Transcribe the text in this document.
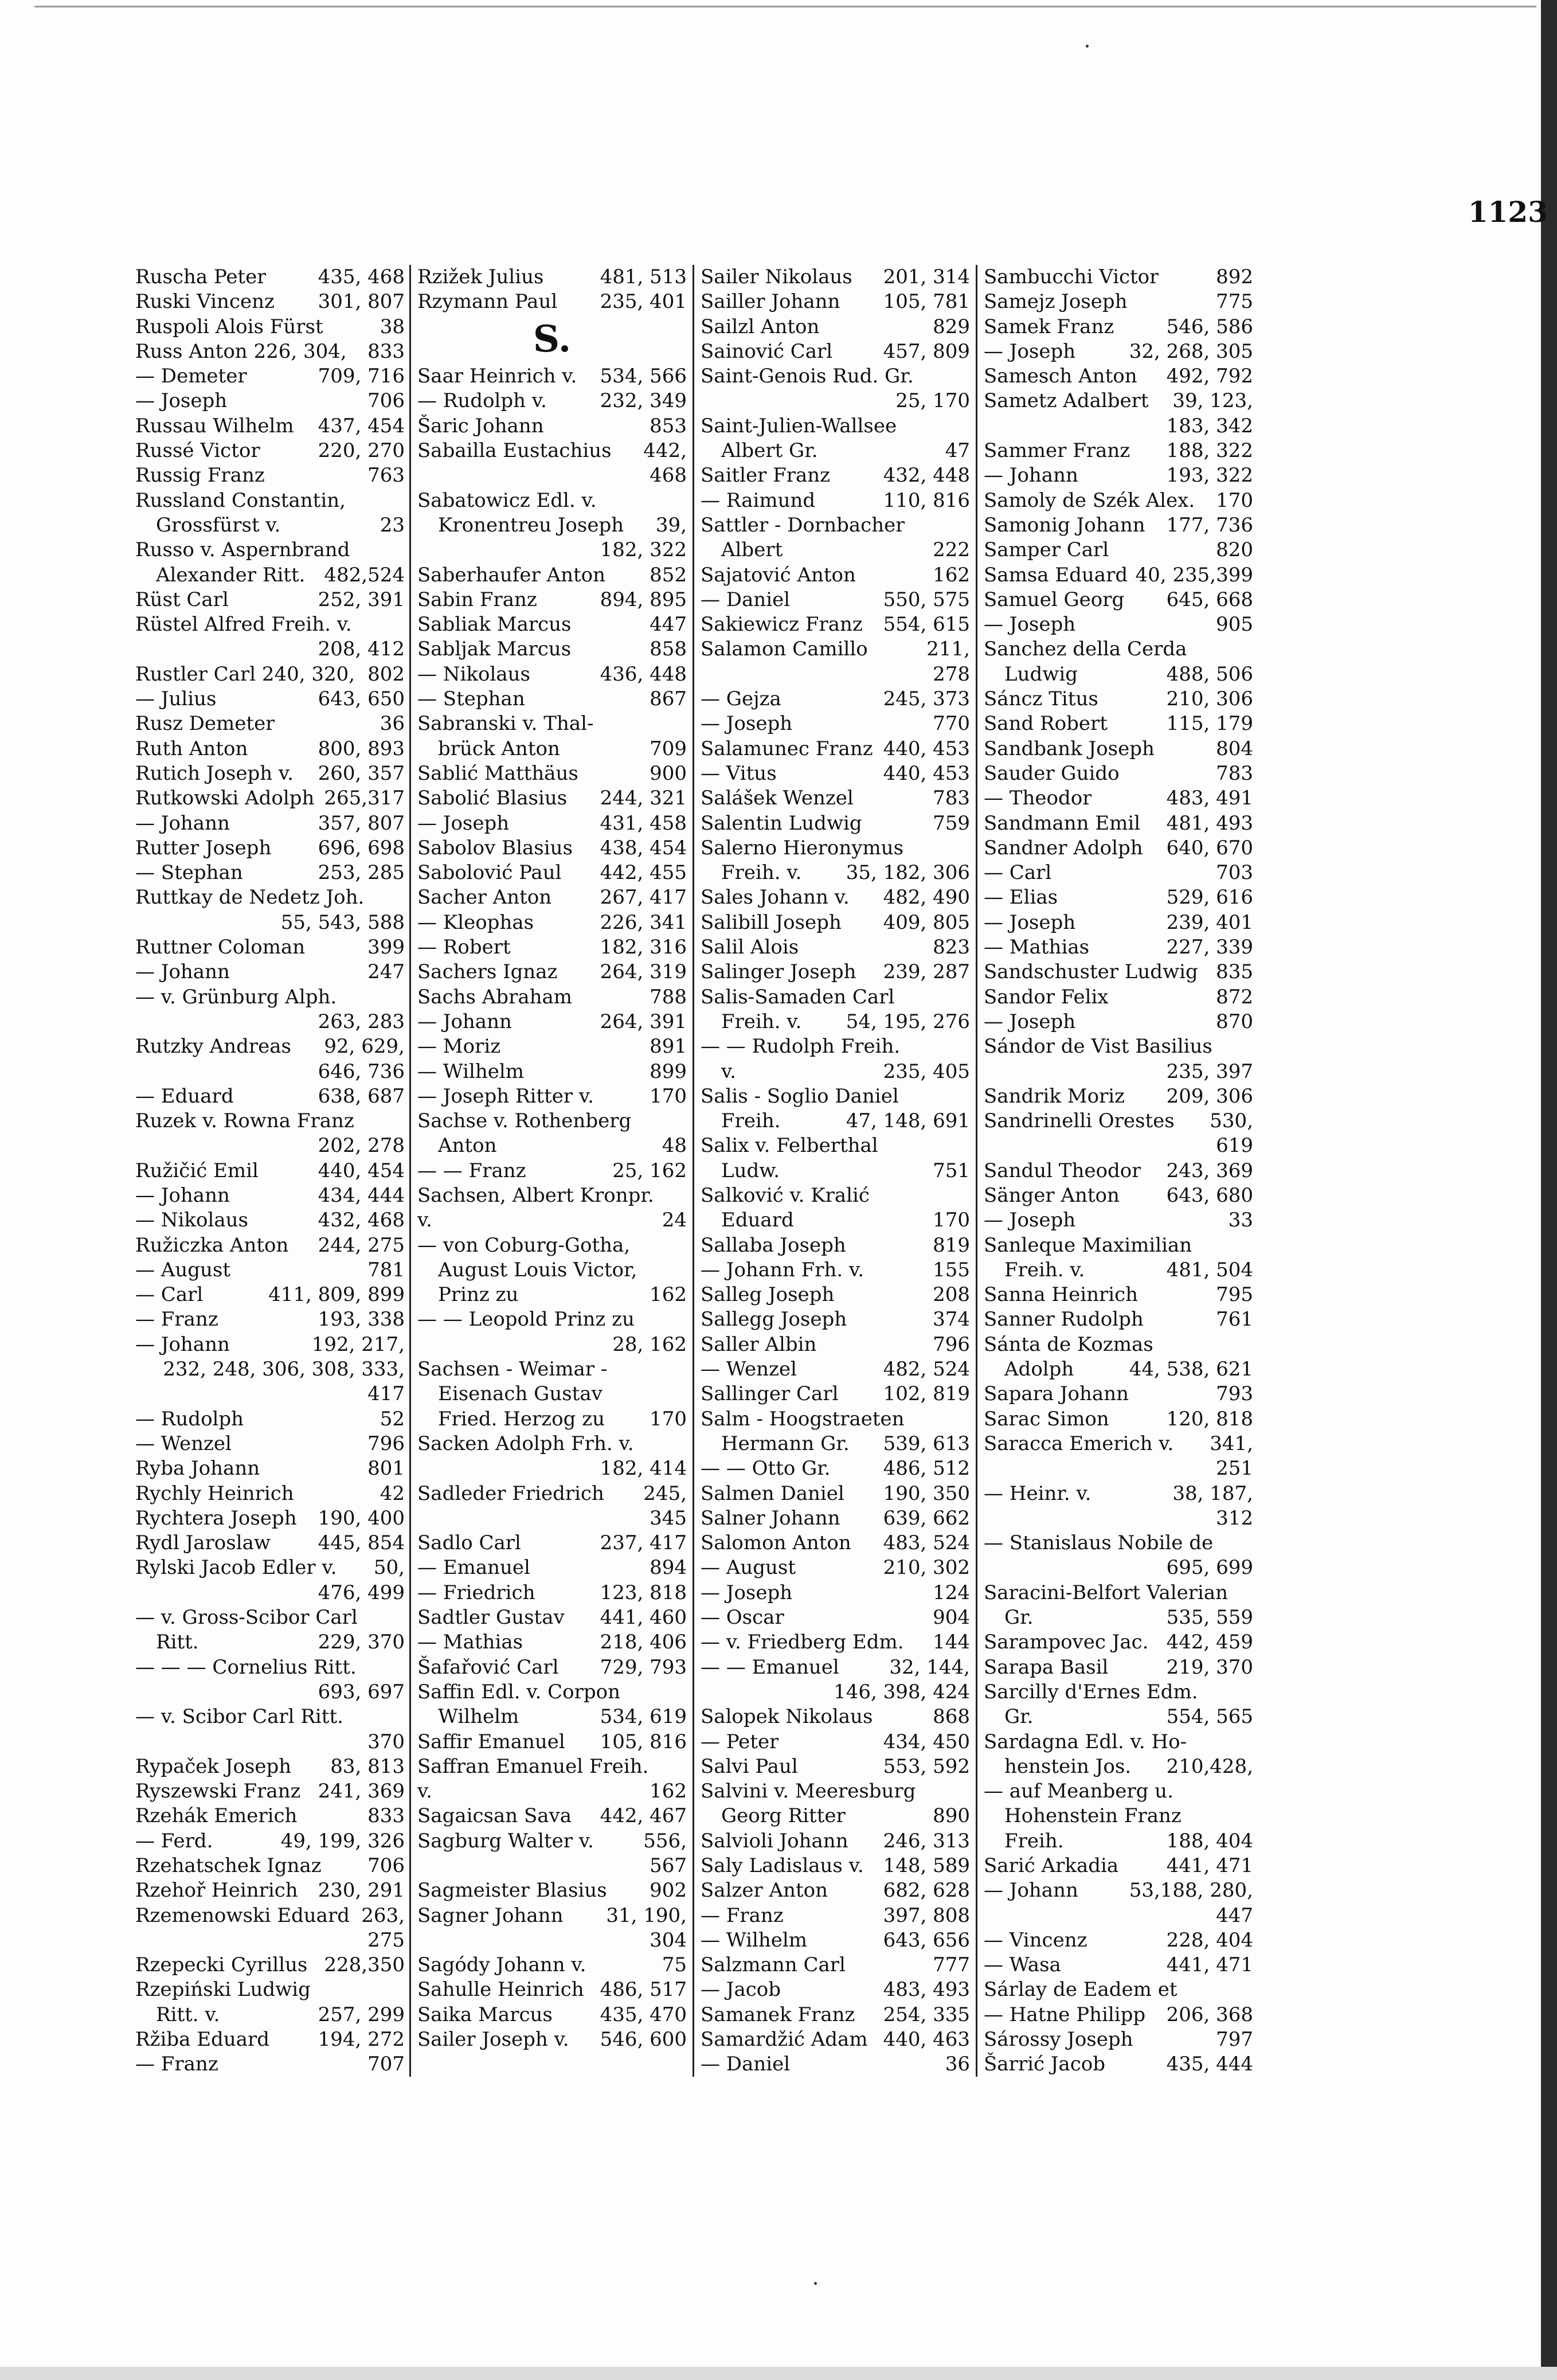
1123
Ruscha Peter	435, 468
Ruski Vincenz 301, 807
Ruspoli Alois Fürst	38
Russ Anton 226, 304, 833
— Demeter	709, 716
— Joseph	706
Russau Wilhelm 437, 454
Russé Victor	220, 270
Russig Franz	763
Russland Constantin,
Grossfürst v.	23
Russo v. Aspernbrand
Alexander Ritt. 482,524
Rüst Carl	252, 391
Rüstel Alfred Freih. v.
208, 412
Rustler Carl 240, 320, 802
— Julius	643, 650
Rusz Demeter	36
Ruth Anton	800, 893
Rutich Joseph v. 260, 357
Rutkowski Adolph 265,317
— Johann	357, 807
Rutter Joseph 696, 698
— Stephan	253, 285
Ruttkay de Nedetz Joh.
55, 543, 588
Ruttner Coloman	399
— Johann	247
— v. Grünburg Alph.
263, 283
Rutzky Andreas 92, 629,
646, 736
— Eduard	638, 687
Ruzek v. Rowna Franz
202, 278
Ružičić Emil	440, 454
— Johann	434, 444
— Nikolaus	432, 468
Ružiczka Anton 244, 275
— August	781
— Carl	411, 809, 899
— Franz	193, 338
— Johann	192, 217,
232, 248, 306, 308, 333,
417
— Rudolph	52
— Wenzel	796
Ryba Johann	801
Rychly Heinrich	42
Rychtera Joseph 190, 400
Rydl Jaroslaw 445, 854
Rylski Jacob Edler v. 50,
476, 499
— v. Gross-Scibor Carl
Ritt.	229, 370
— — — Cornelius Ritt.
693, 697
— v. Scibor Carl Ritt.
370
Rypaček Joseph 83, 813
Ryszewski Franz 241, 369
Rzehák Emerich	833
— Ferd.	49, 199, 326
Rzehatschek Ignaz 706
Rzehoř Heinrich 230, 291
Rzemenowski Eduard 263,
275
Rzepecki Cyrillus 228,350
Rzepiński Ludwig
Ritt. v.	257, 299
Ržiba Eduard 194, 272
— Franz	707
Rzižek Julius	481, 513
Rzymann Paul 235, 401
S.
Saar Heinrich v. 534, 566
— Rudolph v.	232, 349
Šaric Johann	853
Sabailla Eustachius 442,
468
Sabatowicz Edl. v.
Kronentreu Joseph 39,
182, 322
Saberhaufer Anton 852
Sabin Franz	894, 895
Sabliak Marcus	447
Sabljak Marcus	858
— Nikolaus	436, 448
— Stephan	867
Sabranski v. Thal-
brück Anton	709
Sablić Matthäus	900
Sabolić Blasius 244, 321
— Joseph	431, 458
Sabolov Blasius 438, 454
Sabolović Paul 442, 455
Sacher Anton 267, 417
— Kleophas	226, 341
— Robert	182, 316
Sachers Ignaz 264, 319
Sachs Abraham	788
— Johann	264, 391
— Moriz	891
— Wilhelm	899
— Joseph Ritter v.	170
Sachse v. Rothenberg
Anton	48
— — Franz	25, 162
Sachsen, Albert Kronpr.
v.	24
— von Coburg-Gotha,
August Louis Victor,
Prinz zu	162
— — Leopold Prinz zu
28, 162
Sachsen - Weimar -
Eisenach Gustav
Fried. Herzog zu 170
Sacken Adolph Frh. v.
182, 414
Sadleder Friedrich 245,
345
Sadlo Carl	237, 417
— Emanuel	894
— Friedrich	123, 818
Sadtler Gustav 441, 460
— Mathias	218, 406
Šafařović Carl 729, 793
Saffin Edl. v. Corpon
Wilhelm	534, 619
Saffir Emanuel 105, 816
Saffran Emanuel Freih.
v.	162
Sagaicsan Sava 442, 467
Sagburg Walter v.	556,
567
Sagmeister Blasius 902
Sagner Johann 31, 190,
304
Sagódy Johann v.	75
Sahulle Heinrich 486, 517
Saika Marcus 435, 470
Sailer Joseph v. 546, 600
Sailer Nikolaus 201, 314
Sailler Johann 105, 781
Sailzl Anton	829
Sainović Carl	457, 809
Saint-Genois Rud. Gr.
25, 170
Saint-Julien-Wallsee
Albert Gr.	47
Saitler Franz	432, 448
— Raimund	110, 816
Sattler - Dornbacher
Albert	222
Sajatović Anton	162
— Daniel	550, 575
Sakiewicz Franz 554, 615
Salamon Camillo	211,
278
— Gejza	245, 373
— Joseph	770
Salamunec Franz 440, 453
— Vitus	440, 453
Salášek Wenzel	783
Salentin Ludwig	759
Salerno Hieronymus
Freih. v. 35, 182, 306
Sales Johann v. 482, 490
Salibill Joseph 409, 805
Salil Alois	823
Salinger Joseph 239, 287
Salis-Samaden Carl
Freih. v. 54, 195, 276
— — Rudolph Freih.
v.	235, 405
Salis - Soglio Daniel
Freih.	47, 148, 691
Salix v. Felberthal
Ludw.	751
Salković v. Kralić
Eduard	170
Sallaba Joseph	819
— Johann Frh. v.	155
Salleg Joseph	208
Sallegg Joseph	374
Saller Albin	796
— Wenzel	482, 524
Sallinger Carl 102, 819
Salm - Hoogstraeten
Hermann Gr. 539, 613
— — Otto Gr.	486, 512
Salmen Daniel 190, 350
Salner Johann 639, 662
Salomon Anton 483, 524
— August	210, 302
— Joseph	124
— Oscar	904
— v. Friedberg Edm. 144
— — Emanuel	32, 144,
146, 398, 424
Salopek Nikolaus	868
— Peter	434, 450
Salvi Paul	553, 592
Salvini v. Meeresburg
Georg Ritter	890
Salvioli Johann 246, 313
Saly Ladislaus v. 148, 589
Salzer Anton	682, 628
— Franz	397, 808
— Wilhelm	643, 656
Salzmann Carl	777
— Jacob	483, 493
Samanek Franz 254, 335
Samardžić Adam 440, 463
— Daniel	36
Sambucchi Victor	892
Samejz Joseph	775
Samek Franz	546, 586
— Joseph	32, 268, 305
Samesch Anton 492, 792
Sametz Adalbert 39, 123,
183, 342
Sammer Franz 188, 322
— Johann	193, 322
Samoly de Szék Alex. 170
Samonig Johann 177, 736
Samper Carl	820
Samsa Eduard 40, 235,399
Samuel Georg 645, 668
— Joseph	905
Sanchez della Cerda
Ludwig	488, 506
Sáncz Titus	210, 306
Sand Robert	115, 179
Sandbank Joseph	804
Sauder Guido	783
— Theodor	483, 491
Sandmann Emil 481, 493
Sandner Adolph 640, 670
— Carl	703
— Elias	529, 616
— Joseph	239, 401
— Mathias	227, 339
Sandschuster Ludwig 835
Sandor Felix	872
— Joseph	870
Sándor de Vist Basilius
235, 397
Sandrik Moriz 209, 306
Sandrinelli Orestes 530,
619
Sandul Theodor 243, 369
Sänger Anton 643, 680
— Joseph	33
Sanleque Maximilian
Freih. v.	481, 504
Sanna Heinrich	795
Sanner Rudolph	761
Sánta de Kozmas
Adolph	44, 538, 621
Sapara Johann	793
Sarac Simon	120, 818
Saracca Emerich v. 341,
251
— Heinr. v.	38, 187,
312
— Stanislaus Nobile de
695, 699
Saracini-Belfort Valerian
Gr.	535, 559
Sarampovec Jac. 442, 459
Sarapa Basil	219, 370
Sarcilly d'Ernes Edm.
Gr.	554, 565
Sardagna Edl. v. Ho-
henstein Jos. 210,428,
— auf Meanberg u.
Hohenstein Franz
Freih.	188, 404
Sarić Arkadia 441, 471
— Johann	53,188, 280,
447
— Vincenz	228, 404
— Wasa	441, 471
Sárlay de Eadem et
— Hatne Philipp 206, 368
Sárossy Joseph	797
Šarrić Jacob	435, 444
